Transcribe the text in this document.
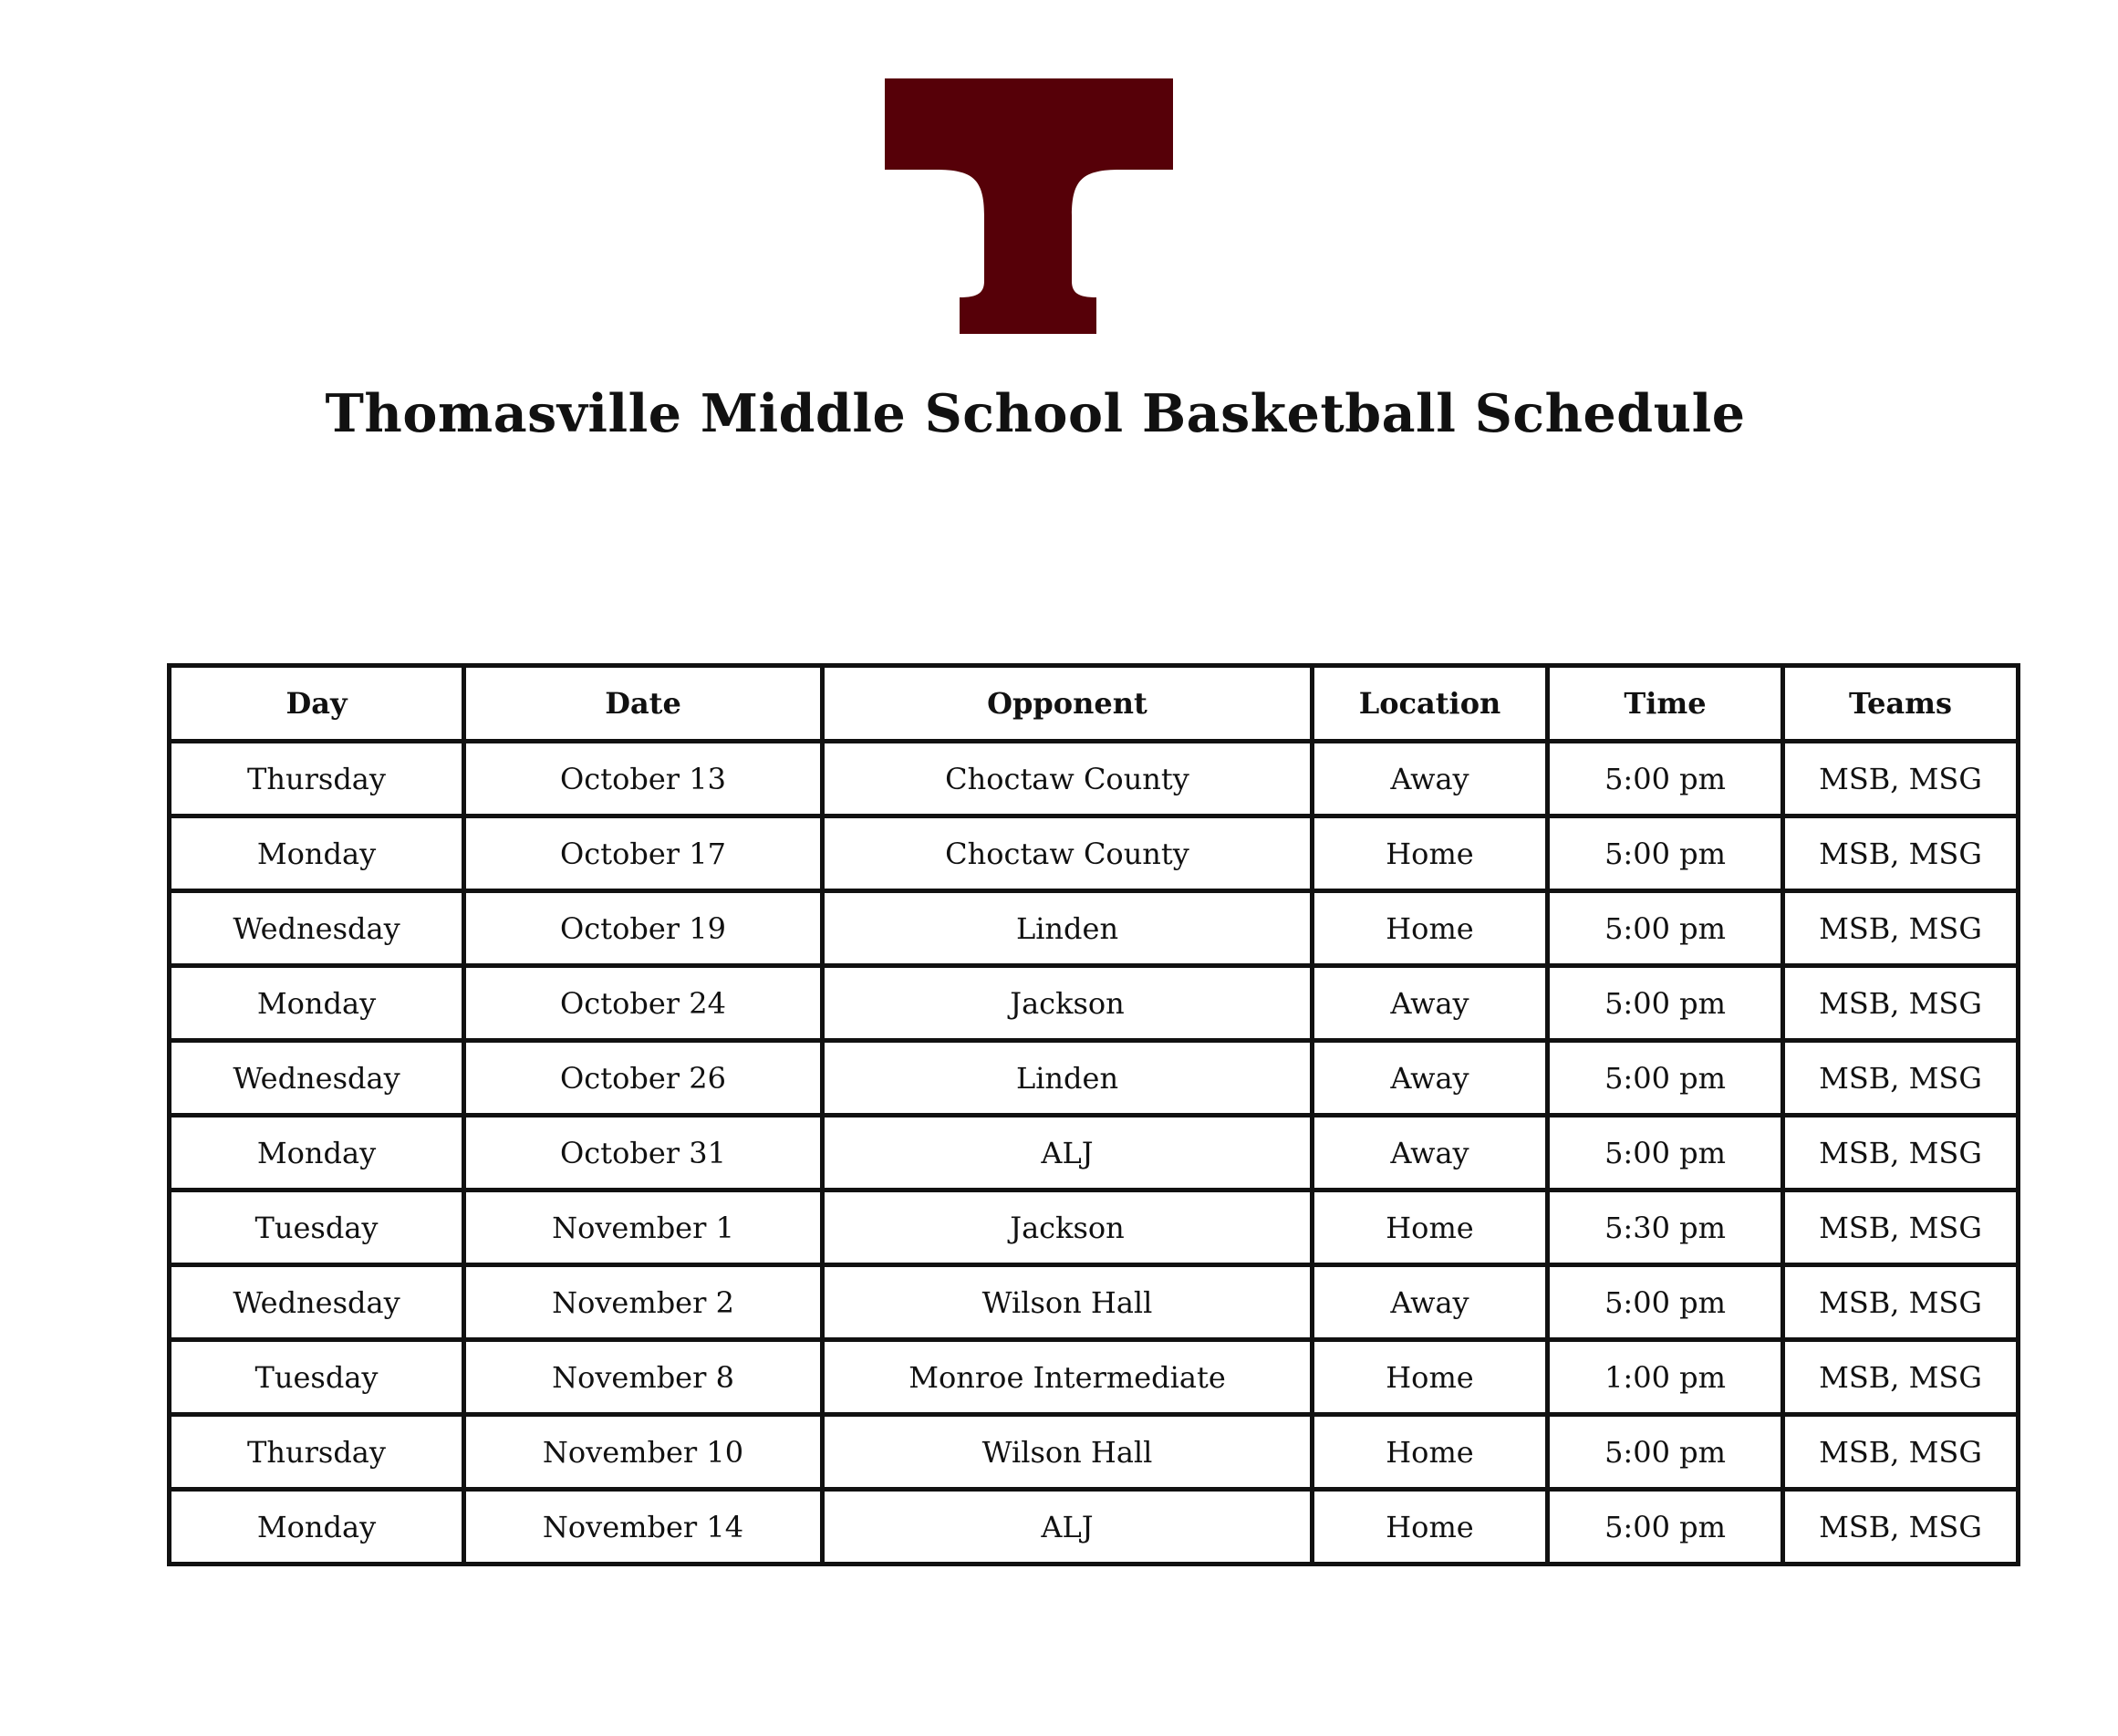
Thomasville Middle School Basketball Schedule
Day	Date	Opponent	Location	Time	Teams
Thursday	October 13	Choctaw County	Away	5:00 pm	MSB, MSG
Monday	October 17	Choctaw County	Home	5:00 pm	MSB, MSG
Wednesday	October 19	Linden	Home	5:00 pm	MSB, MSG
Monday	October 24	Jackson	Away	5:00 pm	MSB, MSG
Wednesday	October 26	Linden	Away	5:00 pm	MSB, MSG
Monday	October 31	ALJ	Away	5:00 pm	MSB, MSG
Tuesday	November 1	Jackson	Home	5:30 pm	MSB, MSG
Wednesday	November 2	Wilson Hall	Away	5:00 pm	MSB, MSG
Tuesday	November 8	Monroe Intermediate	Home	1:00 pm	MSB, MSG
Thursday	November 10	Wilson Hall	Home	5:00 pm	MSB, MSG
Monday	November 14	ALJ	Home	5:00 pm	MSB, MSG
